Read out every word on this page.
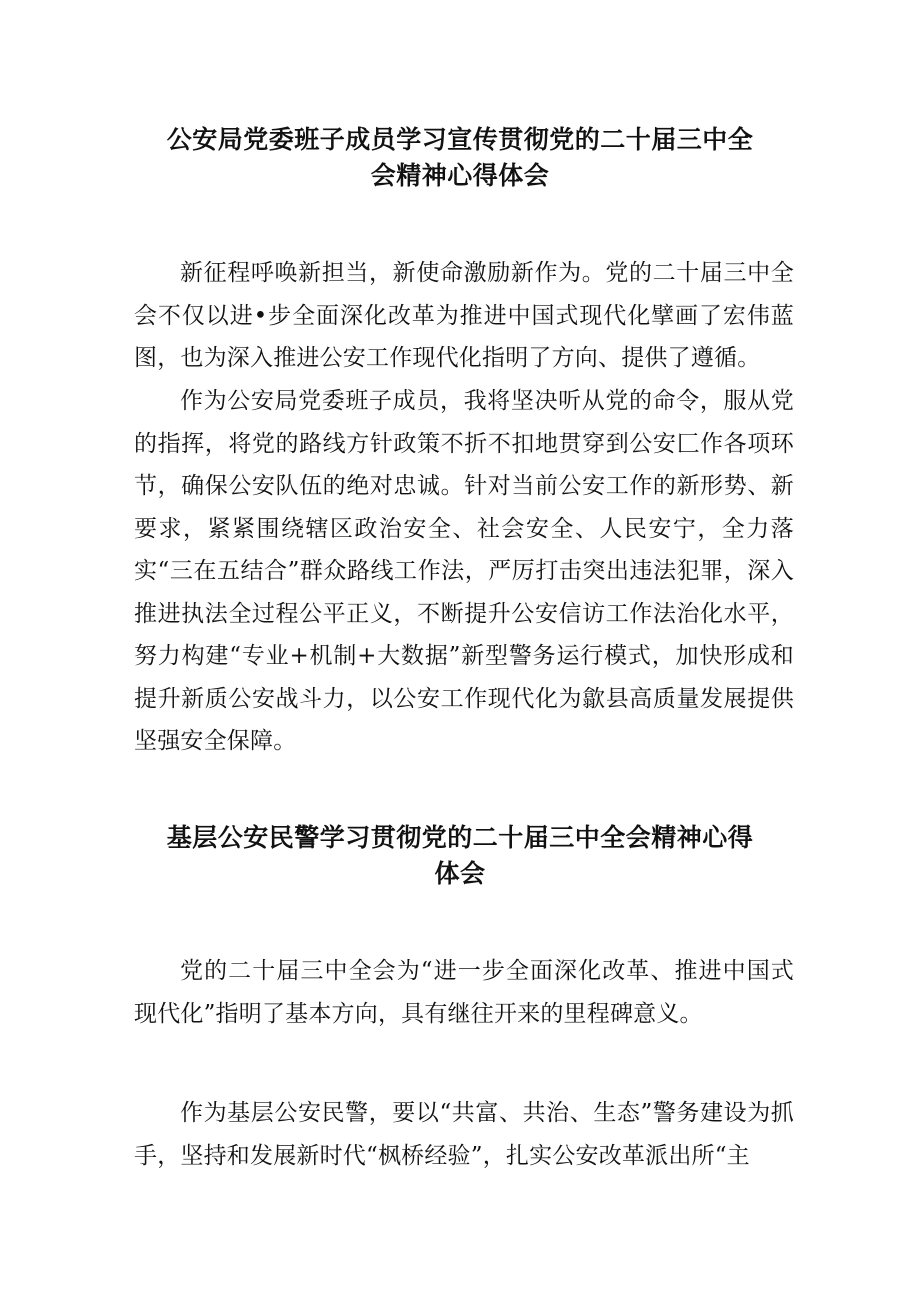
公安局党委班子成员学习宣传贯彻党的二十届三中全
会精神心得体会

新征程呼唤新担当，新使命激励新作为。党的二十届三中全会不仅以进•步全面深化改革为推进中国式现代化擘画了宏伟蓝图，也为深入推进公安工作现代化指明了方向、提供了遵循。

作为公安局党委班子成员，我将坚决听从党的命令，服从党的指挥，将党的路线方针政策不折不扣地贯穿到公安匚作各项环节，确保公安队伍的绝对忠诚。针对当前公安工作的新形势、新要求，紧紧围绕辖区政治安全、社会安全、人民安宁，全力落实“三在五结合”群众路线工作法，严厉打击突出违法犯罪，深入推进执法全过程公平正义，不断提升公安信访工作法治化水平，努力构建“专业+机制+大数据”新型警务运行模式，加快形成和提升新质公安战斗力，以公安工作现代化为歙县高质量发展提供坚强安全保障。

基层公安民警学习贯彻党的二十届三中全会精神心得
体会

党的二十届三中全会为“进一步全面深化改革、推进中国式现代化”指明了基本方向，具有继往开来的里程碑意义。

作为基层公安民警，要以“共富、共治、生态”警务建设为抓手，坚持和发展新时代“枫桥经验”，扎实公安改革派出所“主
